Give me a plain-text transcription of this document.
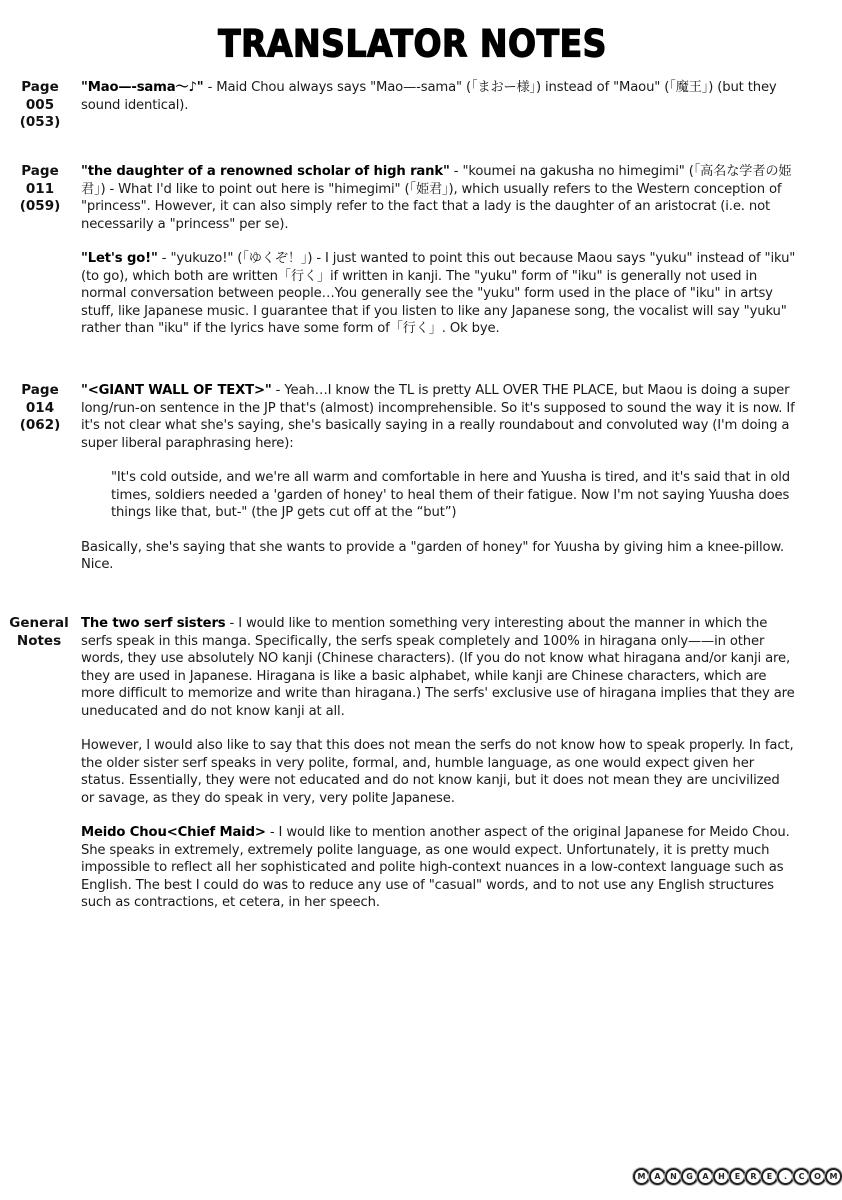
TRANSLATOR NOTES
Page
005
(053)

"Mao—-sama～♪" - Maid Chou always says "Mao—-sama" (「まおー様」) instead of "Maou" (「魔王」) (but they sound identical).

Page
011
(059)

"the daughter of a renowned scholar of high rank" - "koumei na gakusha no himegimi" (「高名な学者の姫君」) - What I'd like to point out here is "himegimi" (「姫君」), which usually refers to the Western conception of "princess". However, it can also simply refer to the fact that a lady is the daughter of an aristocrat (i.e. not necessarily a "princess" per se).

"Let's go!" - "yukuzo!" (「ゆくぞ！」) - I just wanted to point this out because Maou says "yuku" instead of "iku" (to go), which both are written「行く」if written in kanji. The "yuku" form of "iku" is generally not used in normal conversation between people…You generally see the "yuku" form used in the place of "iku" in artsy stuff, like Japanese music. I guarantee that if you listen to like any Japanese song, the vocalist will say "yuku" rather than "iku" if the lyrics have some form of「行く」. Ok bye.

Page
014
(062)

"<GIANT WALL OF TEXT>" - Yeah…I know the TL is pretty ALL OVER THE PLACE, but Maou is doing a super long/run-on sentence in the JP that's (almost) incomprehensible. So it's supposed to sound the way it is now. If it's not clear what she's saying, she's basically saying in a really roundabout and convoluted way (I'm doing a super liberal paraphrasing here):

"It's cold outside, and we're all warm and comfortable in here and Yuusha is tired, and it's said that in old times, soldiers needed a 'garden of honey' to heal them of their fatigue. Now I'm not saying Yuusha does things like that, but-" (the JP gets cut off at the “but”)

Basically, she's saying that she wants to provide a "garden of honey" for Yuusha by giving him a knee-pillow. Nice.

General
Notes

The two serf sisters - I would like to mention something very interesting about the manner in which the serfs speak in this manga. Specifically, the serfs speak completely and 100% in hiragana only——in other words, they use absolutely NO kanji (Chinese characters). (If you do not know what hiragana and/or kanji are, they are used in Japanese. Hiragana is like a basic alphabet, while kanji are Chinese characters, which are more difficult to memorize and write than hiragana.) The serfs' exclusive use of hiragana implies that they are uneducated and do not know kanji at all.

However, I would also like to say that this does not mean the serfs do not know how to speak properly. In fact, the older sister serf speaks in very polite, formal, and, humble language, as one would expect given her status. Essentially, they were not educated and do not know kanji, but it does not mean they are uncivilized or savage, as they do speak in very, very polite Japanese.

Meido Chou<Chief Maid> - I would like to mention another aspect of the original Japanese for Meido Chou. She speaks in extremely, extremely polite language, as one would expect. Unfortunately, it is pretty much impossible to reflect all her sophisticated and polite high-context nuances in a low-context language such as English. The best I could do was to reduce any use of "casual" words, and to not use any English structures such as contractions, et cetera, in her speech.

M	A	N	G	A	H	E	R	E	.	C	O	M
